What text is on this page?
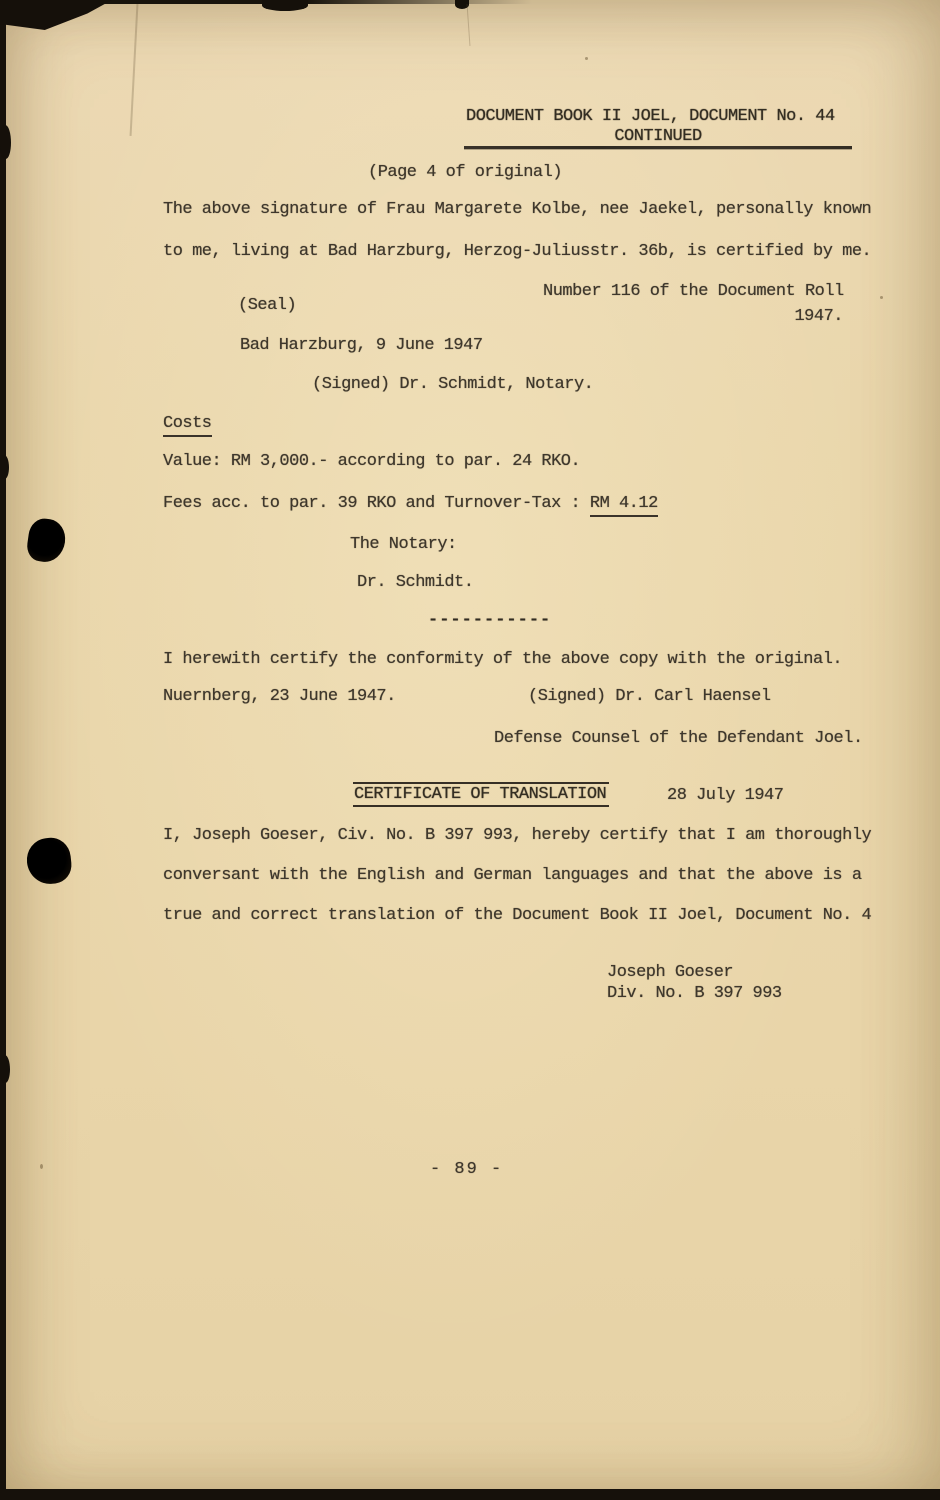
DOCUMENT BOOK II JOEL, DOCUMENT No. 44
CONTINUED
(Page 4 of original)
The above signature of Frau Margarete Kolbe, nee Jaekel, personally known
to me, living at Bad Harzburg, Herzog-Juliusstr. 36b, is certified by me.
Number 116 of the Document Roll
1947.
(Seal)
Bad Harzburg, 9 June 1947
(Signed) Dr. Schmidt, Notary.
Costs
Value: RM 3,000.- according to par. 24 RKO.
Fees acc. to par. 39 RKO and Turnover-Tax : RM 4.12
The Notary:
Dr. Schmidt.
-----------
I herewith certify the conformity of the above copy with the original.
Nuernberg, 23 June 1947.	(Signed) Dr. Carl Haensel
Defense Counsel of the Defendant Joel.
CERTIFICATE OF TRANSLATION	28 July 1947
I, Joseph Goeser, Civ. No. B 397 993, hereby certify that I am thoroughly
conversant with the English and German languages and that the above is a
true and correct translation of the Document Book II Joel, Document No. 4
Joseph Goeser
Div. No. B 397 993
- 89 -
